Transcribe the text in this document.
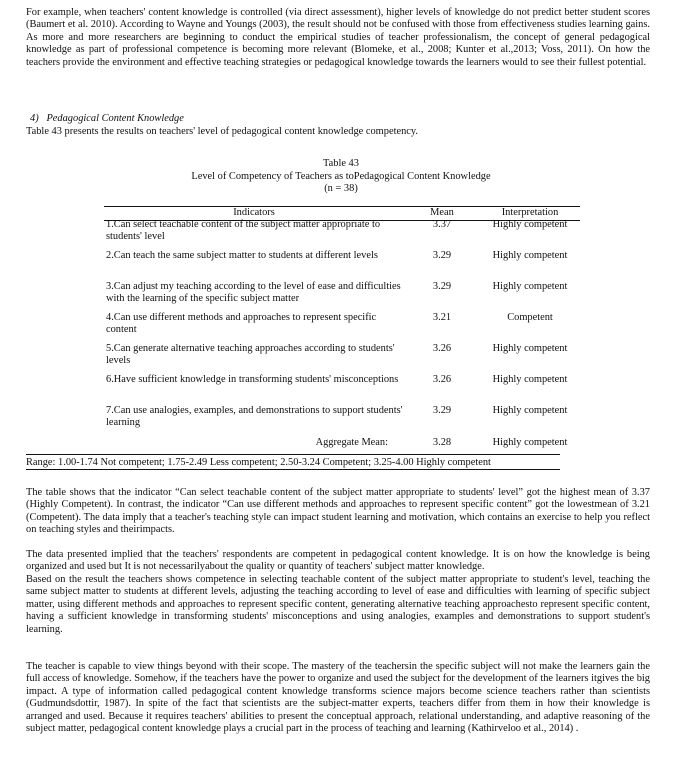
For example, when teachers' content knowledge is controlled (via direct assessment), higher levels of knowledge do not predict better student scores (Baumert et al. 2010). According to Wayne and Youngs (2003), the result should not be confused with those from effectiveness studies learning gains. As more and more researchers are beginning to conduct the empirical studies of teacher professionalism, the concept of general pedagogical knowledge as part of professional competence is becoming more relevant (Blomeke, et al., 2008; Kunter et al.,2013; Voss, 2011). On how the teachers provide the environment and effective teaching strategies or pedagogical knowledge towards the learners would to see their fullest potential.

4) Pedagogical Content Knowledge

Table 43 presents the results on teachers' level of pedagogical content knowledge competency.

Table 43

Level of Competency of Teachers as toPedagogical Content Knowledge

(n = 38)

Indicators	Mean	Interpretation
1.Can select teachable content of the subject matter appropriate to students' level	3.37	Highly competent
2.Can teach the same subject matter to students at different levels	3.29	Highly competent
3.Can adjust my teaching according to the level of ease and difficulties with the learning of the specific subject matter	3.29	Highly competent
4.Can use different methods and approaches to represent specific content	3.21	Competent
5.Can generate alternative teaching approaches according to students' levels	3.26	Highly competent
6.Have sufficient knowledge in transforming students' misconceptions	3.26	Highly competent
7.Can use analogies, examples, and demonstrations to support students' learning	3.29	Highly competent
Aggregate Mean:	3.28	Highly competent

Range: 1.00-1.74 Not competent; 1.75-2.49 Less competent; 2.50-3.24 Competent; 3.25-4.00 Highly competent

The table shows that the indicator “Can select teachable content of the subject matter appropriate to students' level” got the highest mean of 3.37 (Highly Competent). In contrast, the indicator “Can use different methods and approaches to represent specific content” got the lowestmean of 3.21 (Competent). The data imply that a teacher's teaching style can impact student learning and motivation, which contains an exercise to help you reflect on teaching styles and theirimpacts.

The data presented implied that the teachers' respondents are competent in pedagogical content knowledge. It is on how the knowledge is being organized and used but It is not necessarilyabout the quality or quantity of teachers' subject matter knowledge.

Based on the result the teachers shows competence in selecting teachable content of the subject matter appropriate to student's level, teaching the same subject matter to students at different levels, adjusting the teaching according to level of ease and difficulties with learning of specific subject matter, using different methods and approaches to represent specific content, generating alternative teaching approachesto represent specific content, having a sufficient knowledge in transforming students' misconceptions and using analogies, examples and demonstrations to support student's learning.

The teacher is capable to view things beyond with their scope. The mastery of the teachersin the specific subject will not make the learners gain the full access of knowledge. Somehow, if the teachers have the power to organize and used the subject for the development of the learners itgives the big impact. A type of information called pedagogical content knowledge transforms science majors become science teachers rather than scientists (Gudmundsdottir, 1987). In spite of the fact that scientists are the subject-matter experts, teachers differ from them in how their knowledge is arranged and used. Because it requires teachers' abilities to present the conceptual approach, relational understanding, and adaptive reasoning of the subject matter, pedagogical content knowledge plays a crucial part in the process of teaching and learning (Kathirveloo et al., 2014) .
